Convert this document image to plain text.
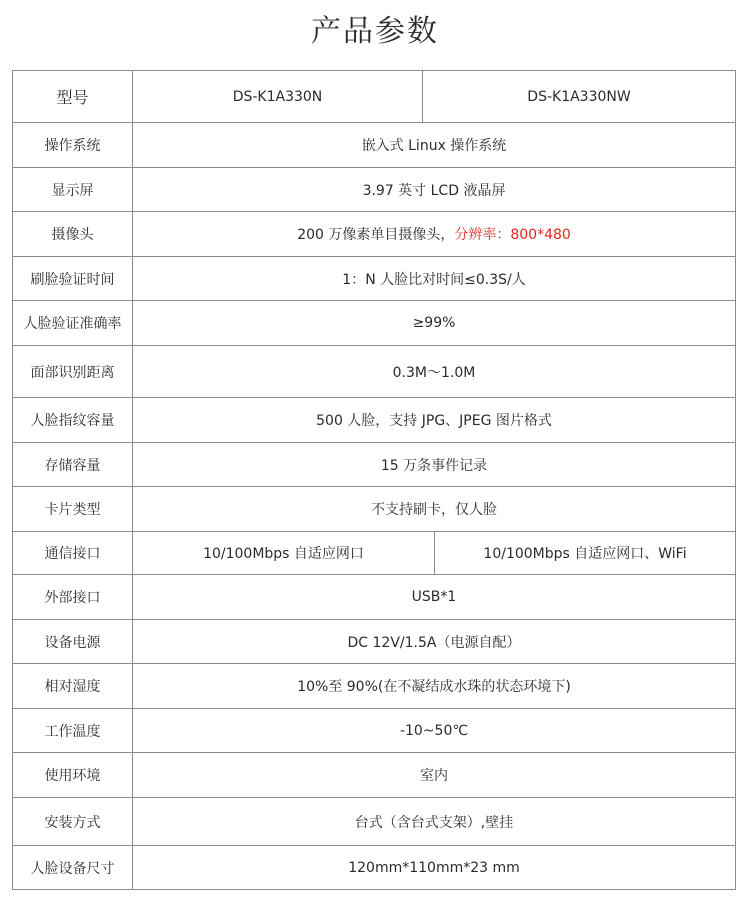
产品参数
型号	DS-K1A330N	DS-K1A330NW	
操作系统	嵌入式 Linux 操作系统		
显示屏	3.97 英寸 LCD 液晶屏		
摄像头	200 万像素单目摄像头，分辨率：800*480		
刷脸验证时间	1：N 人脸比对时间≤0.3S/人		
人脸验证准确率	≥99%		
面部识别距离	0.3M～1.0M		
人脸指纹容量	500 人脸，支持 JPG、JPEG 图片格式		
存储容量	15 万条事件记录		
卡片类型	不支持刷卡，仅人脸		
通信接口	10/100Mbps 自适应网口		10/100Mbps 自适应网口、WiFi
外部接口	USB*1		
设备电源	DC 12V/1.5A（电源自配）		
相对湿度	10%至 90%(在不凝结成水珠的状态环境下)		
工作温度	-10~50℃		
使用环境	室内		
安装方式	台式（含台式支架）,壁挂		
人脸设备尺寸	120mm*110mm*23 mm		
